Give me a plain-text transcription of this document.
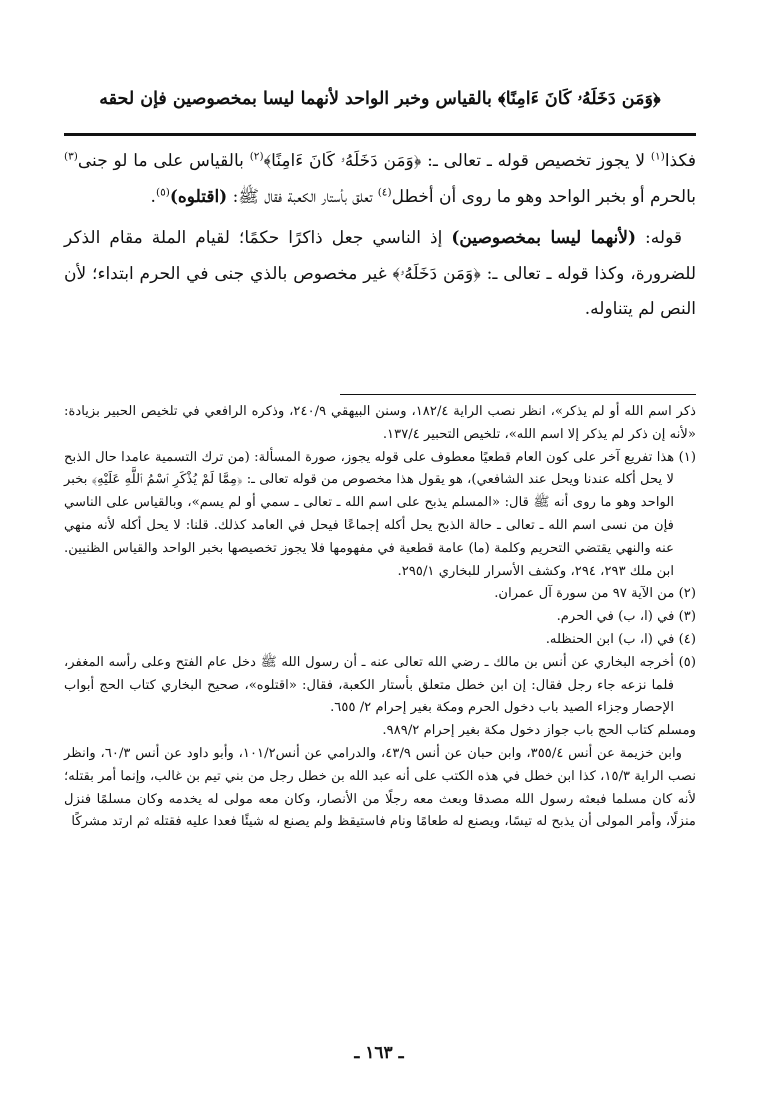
﴿وَمَن دَخَلَهُۥ كَانَ ءَامِنًا﴾ بالقياس وخبر الواحد لأنهما ليسا بمخصوصين فإن لحقه

فكذا$^{(١)}$ لا يجوز تخصيص قوله ـ تعالى ـ: ﴿وَمَن دَخَلَهُۥ كَانَ ءَامِنًا﴾$^{(٢)}$ بالقياس على ما لو جنى$^{(٣)}$ بالحرم أو بخبر الواحد وهو ما روى أن أخطل$^{(٤)}$ تعلق بأستار الكعبة فقال ﷺ: (اقتلوه)$^{(٥)}$.

قوله: (لأنهما ليسا بمخصوصين) إذ الناسي جعل ذاكرًا حكمًا؛ لقيام الملة مقام الذكر للضرورة، وكذا قوله ـ تعالى ـ: ﴿وَمَن دَخَلَهُۥ﴾ غير مخصوص بالذي جنى في الحرم ابتداء؛ لأن النص لم يتناوله.

ذكر اسم الله أو لم يذكر»، انظر نصب الراية ١٨٢/٤، وسنن البيهقي ٢٤٠/٩، وذكره الرافعي في تلخيص الحبير بزيادة: «لأنه إن ذكر لم يذكر إلا اسم الله»، تلخيص التحبير ١٣٧/٤.

(١) هذا تفريع آخر على كون العام قطعيًا معطوف على قوله يجوز، صورة المسألة: (من ترك التسمية عامدا حال الذبح لا يحل أكله عندنا ويحل عند الشافعي)، هو يقول هذا مخصوص من قوله تعالى ـ: ﴿مِمَّا لَمْ يُذْكَرِ ٱسْمُ ٱللَّهِ عَلَيْهِ﴾ بخبر الواحد وهو ما روى أنه ﷺ قال: «المسلم يذبح على اسم الله ـ تعالى ـ سمي أو لم يسم»، وبالقياس على الناسي فإن من نسى اسم الله ـ تعالى ـ حالة الذبح يحل أكله إجماعًا فيحل في العامد كذلك. قلنا: لا يحل أكله لأنه منهي عنه والنهي يقتضي التحريم وكلمة (ما) عامة قطعية في مفهومها فلا يجوز تخصيصها بخبر الواحد والقياس الظنيين. ابن ملك ٢٩٣، ٢٩٤، وكشف الأسرار للبخاري ٢٩٥/١.

(٢) من الآية ٩٧ من سورة آل عمران.

(٣) في (ا، ب) في الحرم.

(٤) في (ا، ب) ابن الحنظله.

(٥) أخرجه البخاري عن أنس بن مالك ـ رضي الله تعالى عنه ـ أن رسول الله ﷺ دخل عام الفتح وعلى رأسه المغفر، فلما نزعه جاء رجل فقال: إن ابن خطل متعلق بأستار الكعبة، فقال: «اقتلوه»، صحيح البخاري كتاب الحج أبواب الإحصار وجزاء الصيد باب دخول الحرم ومكة بغير إحرام ٢/ ٦٥٥.

ومسلم كتاب الحج باب جواز دخول مكة بغير إحرام ٩٨٩/٢.

وابن خزيمة عن أنس ٣٥٥/٤، وابن حبان عن أنس ٤٣/٩، والدرامي عن أنس١٠١/٢، وأبو داود عن أنس ٦٠/٣، وانظر نصب الراية ١٥/٣، كذا ابن خطل في هذه الكتب على أنه عبد الله بن خطل رجل من بني تيم بن غالب، وإنما أمر بقتله؛ لأنه كان مسلما فبعثه رسول الله مصدقا وبعث معه رجلًا من الأنصار، وكان معه مولى له يخدمه وكان مسلمًا فنزل منزلًا، وأمر المولى أن يذبح له تيسًا، ويصنع له طعامًا ونام فاستيقظ ولم يصنع له شيئًا فعدا عليه فقتله ثم ارتد مشركًا

ـ ١٦٣ ـ
